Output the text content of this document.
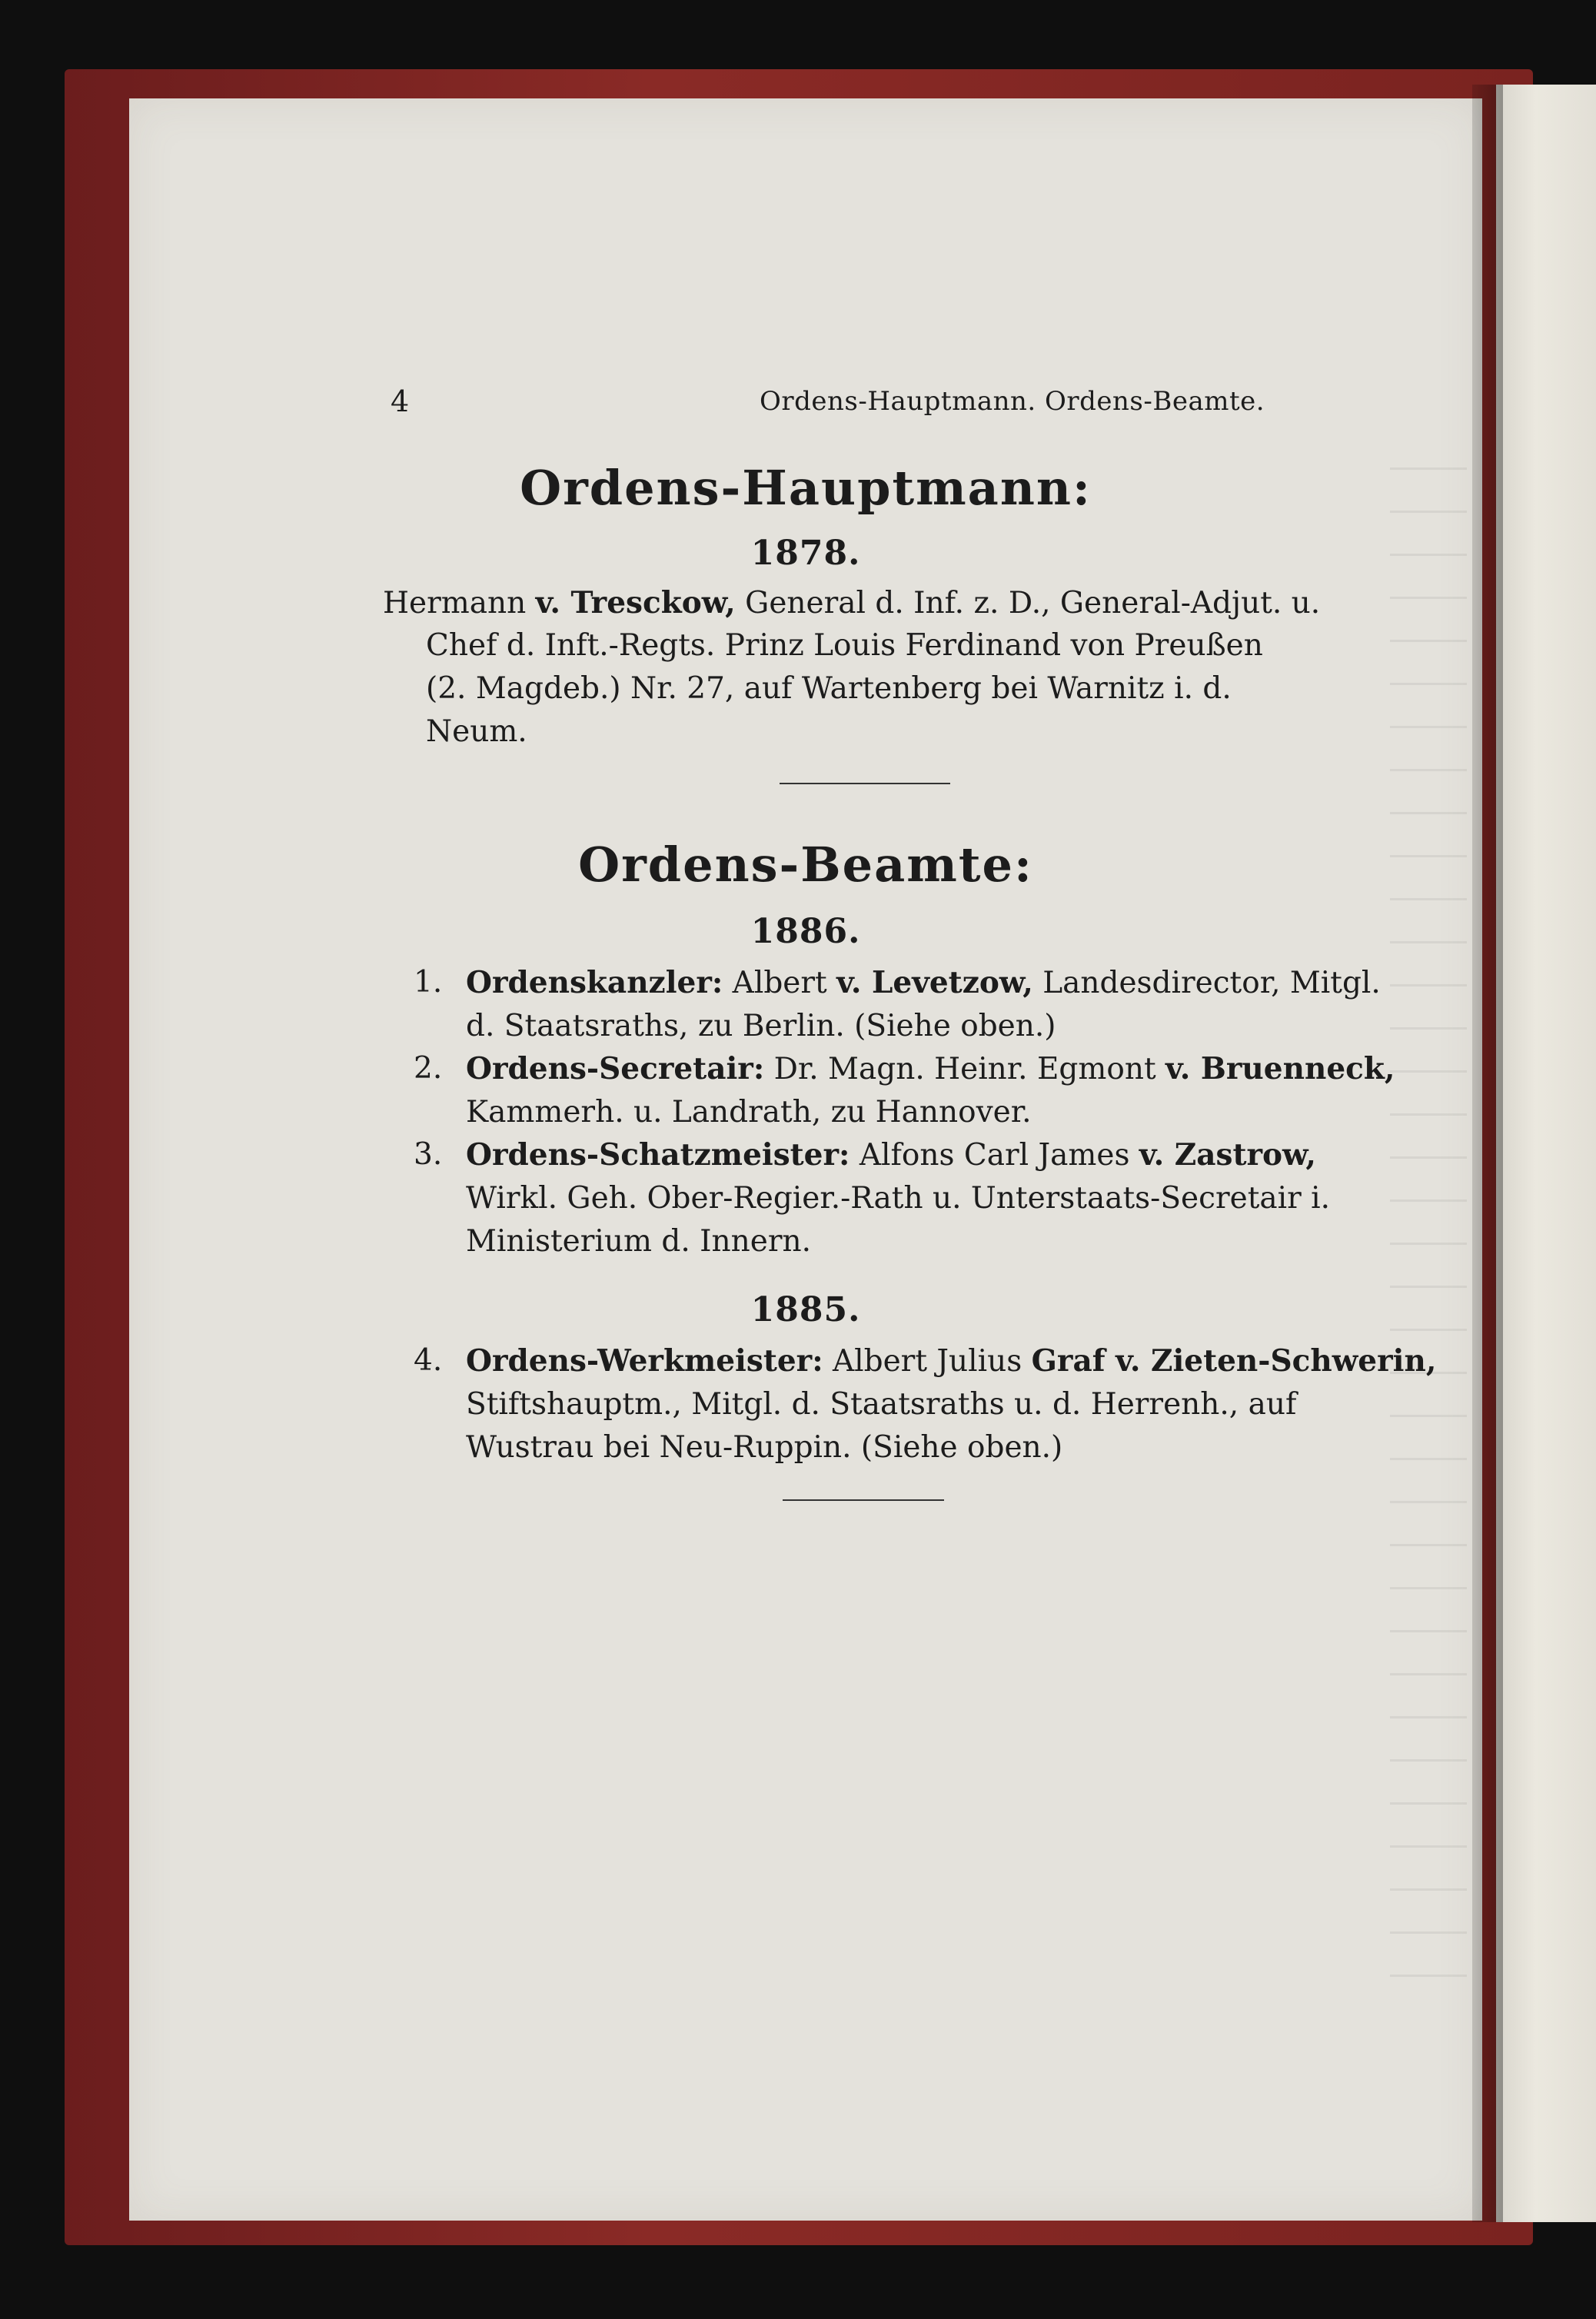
4	Ordens-Hauptmann. Ordens-Beamte.
Ordens-Hauptmann:
1878.
Hermann v. Tresckow, General d. Inf. z. D., General-Adjut. u.
Chef d. Inft.-Regts. Prinz Louis Ferdinand von Preußen
(2. Magdeb.) Nr. 27, auf Wartenberg bei Warnitz i. d.
Neum.
Ordens-Beamte:
1886.
1. Ordenskanzler: Albert v. Levetzow, Landesdirector, Mitgl.
d. Staatsraths, zu Berlin. (Siehe oben.)
2. Ordens-Secretair: Dr. Magn. Heinr. Egmont v. Bruenneck,
Kammerh. u. Landrath, zu Hannover.
3. Ordens-Schatzmeister: Alfons Carl James v. Zastrow,
Wirkl. Geh. Ober-Regier.-Rath u. Unterstaats-Secretair i.
Ministerium d. Innern.
1885.
4. Ordens-Werkmeister: Albert Julius Graf v. Zieten-Schwerin,
Stiftshauptm., Mitgl. d. Staatsraths u. d. Herrenh., auf
Wustrau bei Neu-Ruppin. (Siehe oben.)
